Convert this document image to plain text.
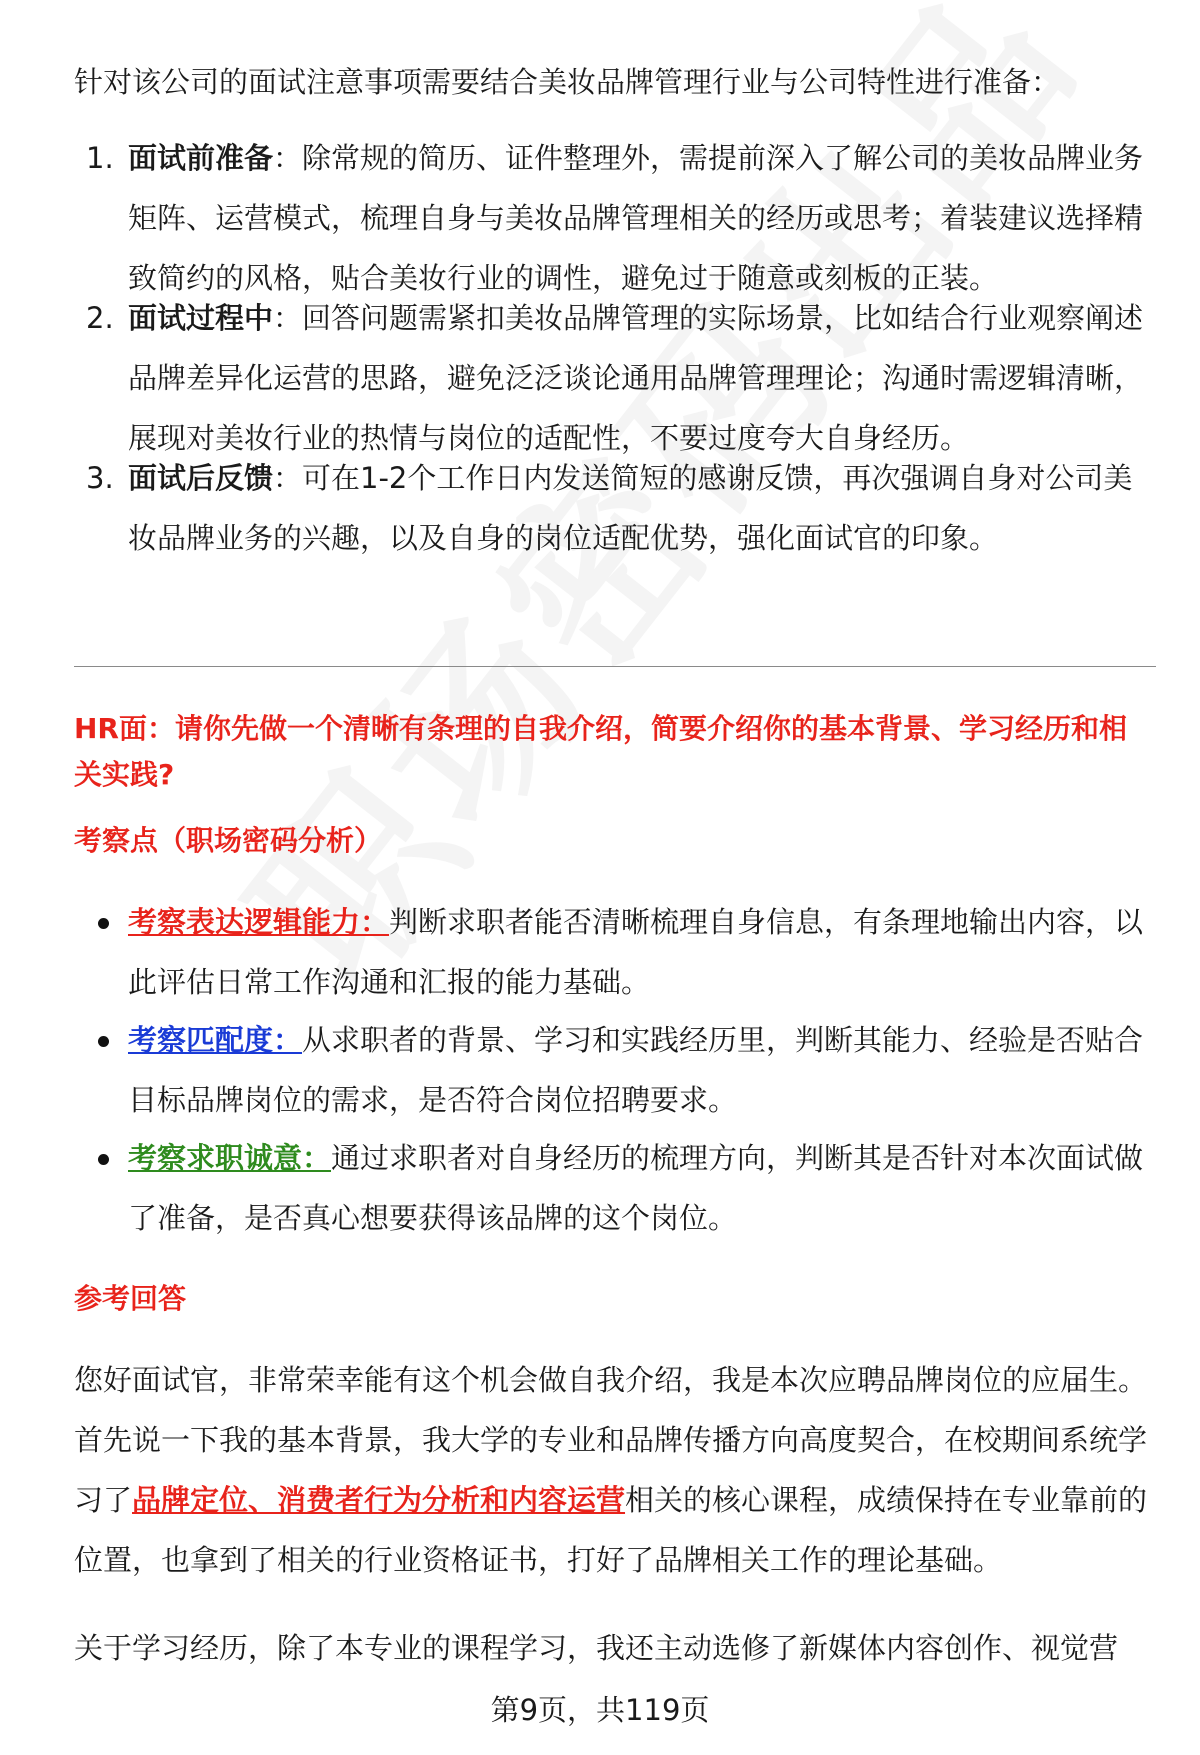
针对该公司的面试注意事项需要结合美妆品牌管理行业与公司特性进行准备：

1. 面试前准备：除常规的简历、证件整理外，需提前深入了解公司的美妆品牌业务矩阵、运营模式，梳理自身与美妆品牌管理相关的经历或思考；着装建议选择精致简约的风格，贴合美妆行业的调性，避免过于随意或刻板的正装。

2. 面试过程中：回答问题需紧扣美妆品牌管理的实际场景，比如结合行业观察阐述品牌差异化运营的思路，避免泛泛谈论通用品牌管理理论；沟通时需逻辑清晰，展现对美妆行业的热情与岗位的适配性，不要过度夸大自身经历。

3. 面试后反馈：可在1-2个工作日内发送简短的感谢反馈，再次强调自身对公司美妆品牌业务的兴趣，以及自身的岗位适配优势，强化面试官的印象。

HR面：请你先做一个清晰有条理的自我介绍，简要介绍你的基本背景、学习经历和相关实践?

考察点（职场密码分析）

考察表达逻辑能力：判断求职者能否清晰梳理自身信息，有条理地输出内容，以此评估日常工作沟通和汇报的能力基础。

考察匹配度：从求职者的背景、学习和实践经历里，判断其能力、经验是否贴合目标品牌岗位的需求，是否符合岗位招聘要求。

考察求职诚意：通过求职者对自身经历的梳理方向，判断其是否针对本次面试做了准备，是否真心想要获得该品牌的这个岗位。

参考回答

您好面试官，非常荣幸能有这个机会做自我介绍，我是本次应聘品牌岗位的应届生。首先说一下我的基本背景，我大学的专业和品牌传播方向高度契合，在校期间系统学习了品牌定位、消费者行为分析和内容运营相关的核心课程，成绩保持在专业靠前的位置，也拿到了相关的行业资格证书，打好了品牌相关工作的理论基础。

关于学习经历，除了本专业的课程学习，我还主动选修了新媒体内容创作、视觉营

第9页，共119页
